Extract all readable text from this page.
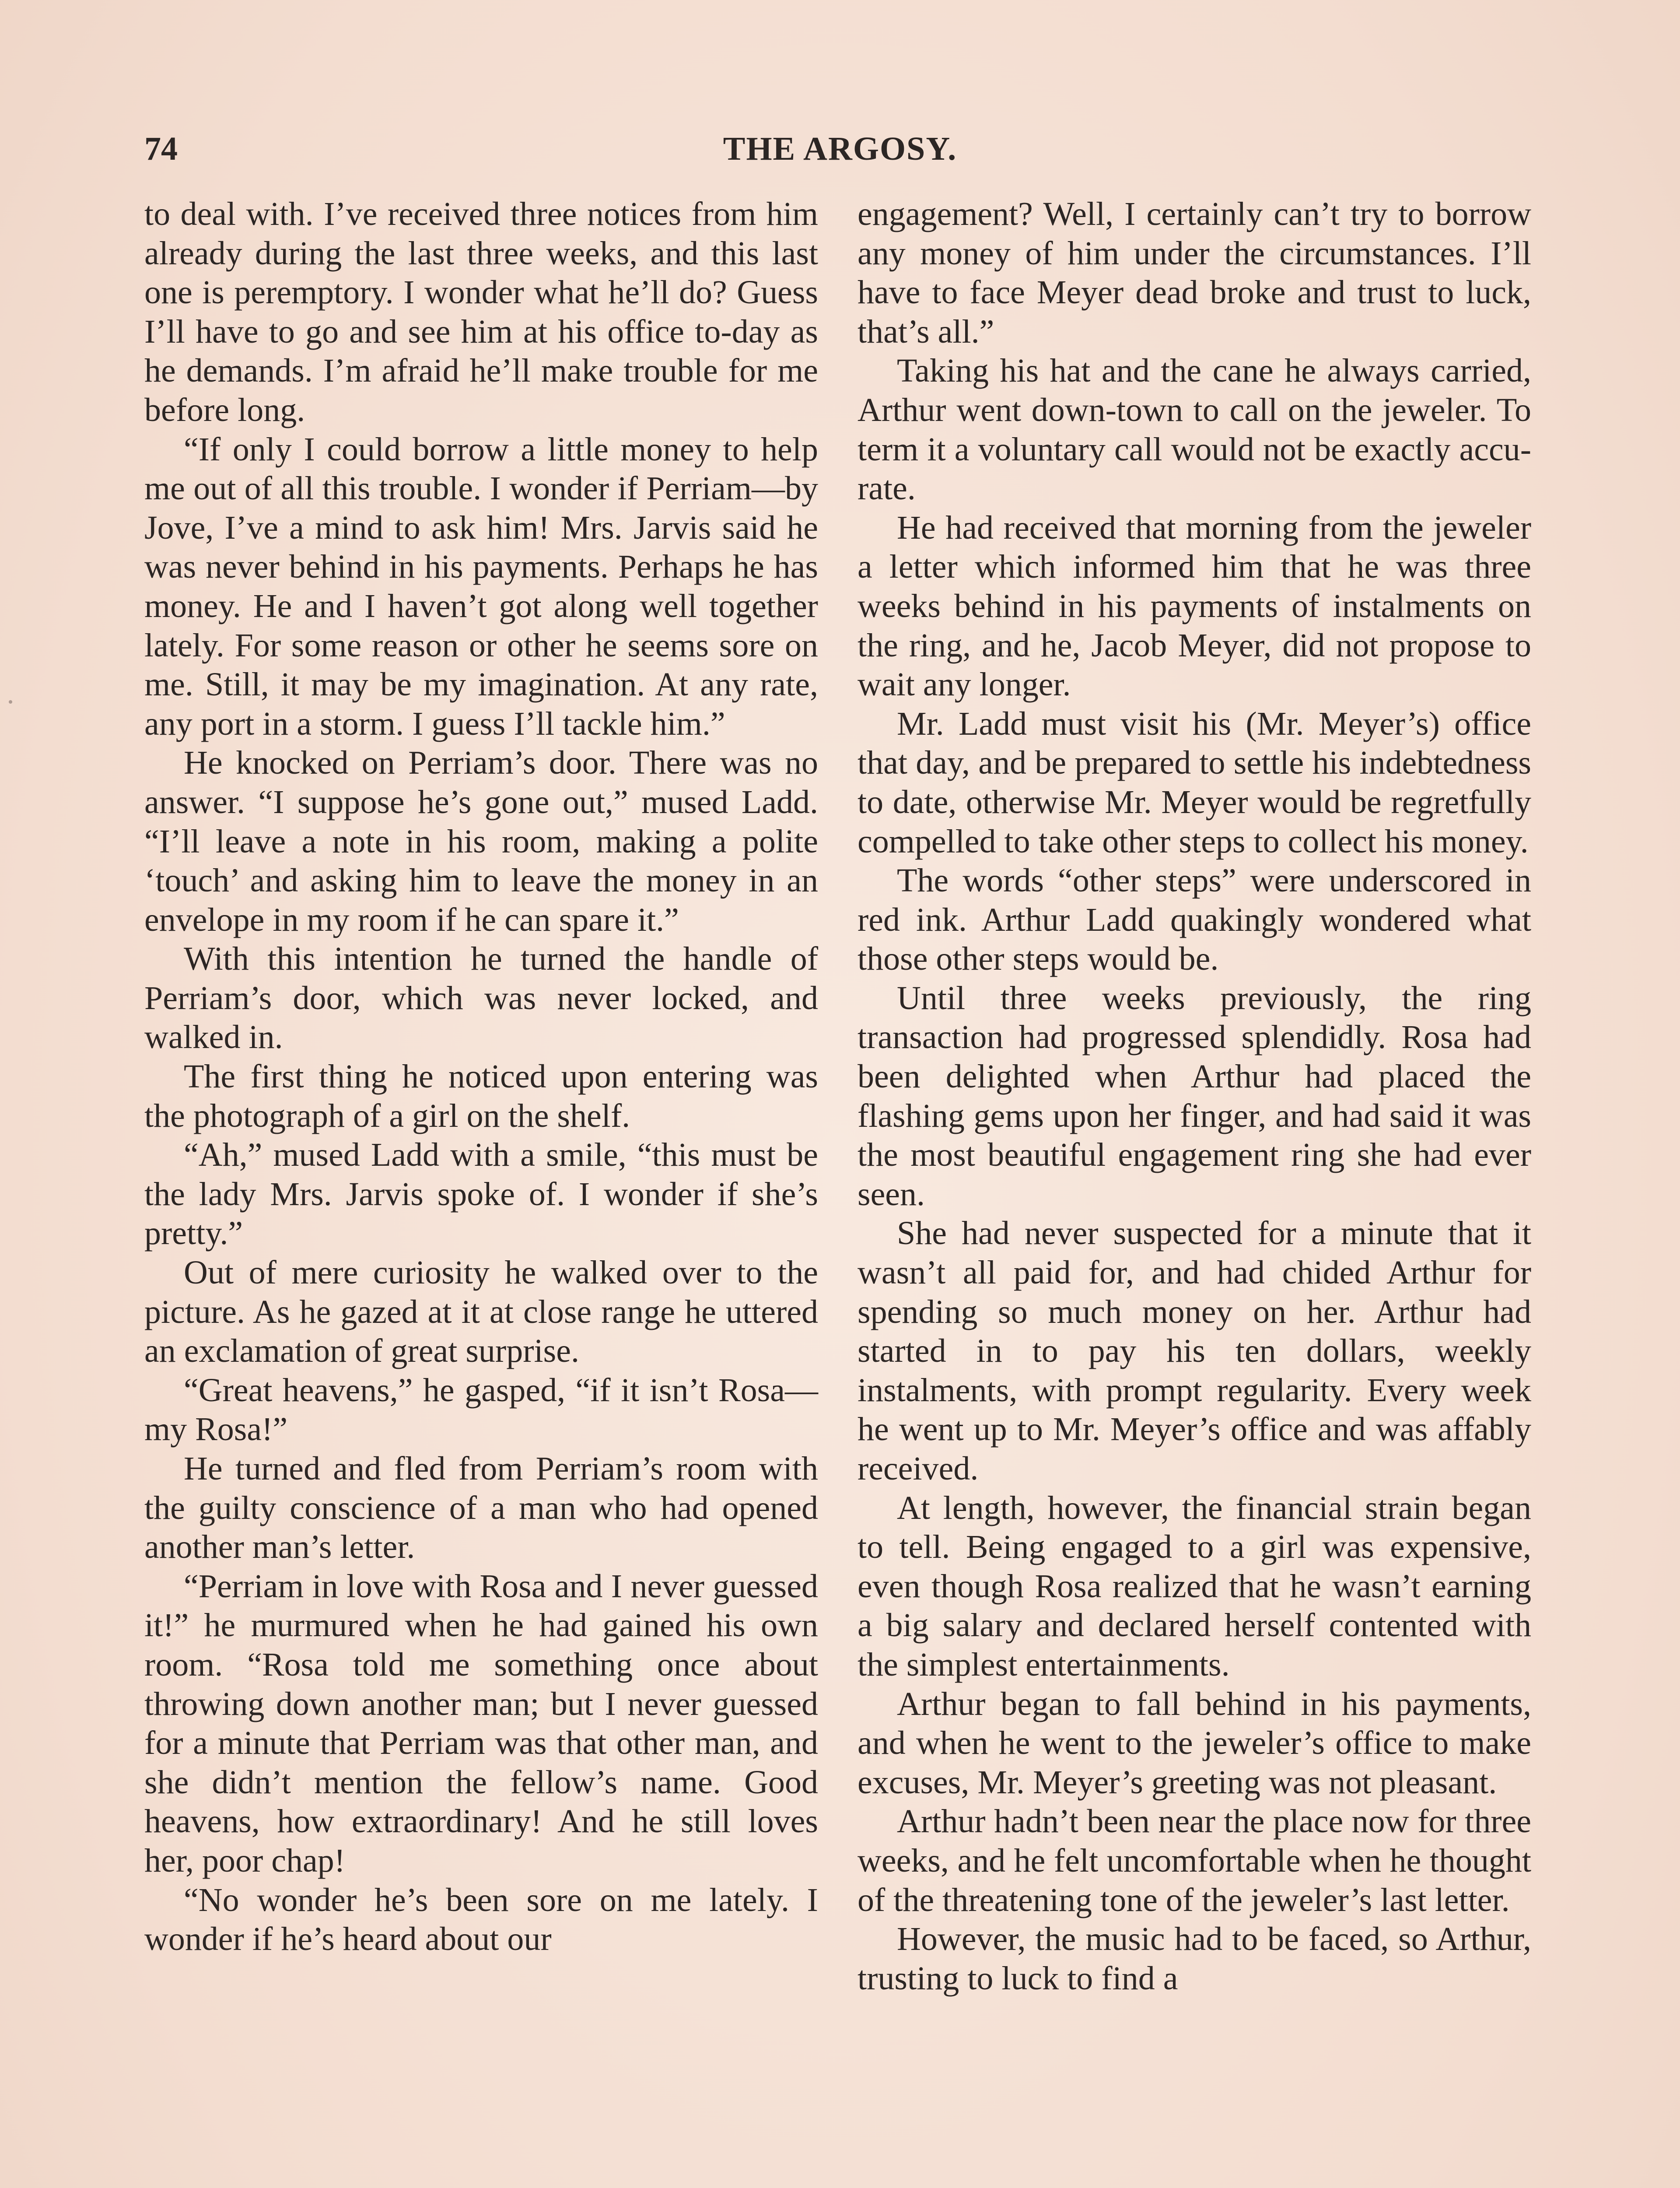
74	THE ARGOSY.

to deal with. I’ve received three notices from him already during the last three weeks, and this last one is peremptory. I wonder what he’ll do? Guess I’ll have to go and see him at his office to-day as he demands. I’m afraid he’ll make trouble for me before long.

“If only I could borrow a little money to help me out of all this trouble. I wonder if Perriam—by Jove, I’ve a mind to ask him! Mrs. Jarvis said he was never behind in his payments. Perhaps he has money. He and I haven’t got along well together lately. For some reason or other he seems sore on me. Still, it may be my imagination. At any rate, any port in a storm. I guess I’ll tackle him.”

He knocked on Perriam’s door. There was no answer. “I suppose he’s gone out,” mused Ladd. “I’ll leave a note in his room, making a polite ‘touch’ and asking him to leave the money in an envelope in my room if he can spare it.”

With this intention he turned the handle of Perriam’s door, which was never locked, and walked in.

The first thing he noticed upon entering was the photograph of a girl on the shelf.

“Ah,” mused Ladd with a smile, “this must be the lady Mrs. Jarvis spoke of. I wonder if she’s pretty.”

Out of mere curiosity he walked over to the picture. As he gazed at it at close range he uttered an exclamation of great surprise.

“Great heavens,” he gasped, “if it isn’t Rosa—my Rosa!”

He turned and fled from Perriam’s room with the guilty conscience of a man who had opened another man’s letter.

“Perriam in love with Rosa and I never guessed it!” he murmured when he had gained his own room. “Rosa told me something once about throwing down another man; but I never guessed for a minute that Perriam was that other man, and she didn’t mention the fellow’s name. Good heavens, how extraordinary! And he still loves her, poor chap!

“No wonder he’s been sore on me lately. I wonder if he’s heard about our

engagement? Well, I certainly can’t try to borrow any money of him under the circumstances. I’ll have to face Meyer dead broke and trust to luck, that’s all.”

Taking his hat and the cane he always carried, Arthur went down-town to call on the jeweler. To term it a voluntary call would not be exactly accurate.

He had received that morning from the jeweler a letter which informed him that he was three weeks behind in his payments of instalments on the ring, and he, Jacob Meyer, did not propose to wait any longer.

Mr. Ladd must visit his (Mr. Meyer’s) office that day, and be prepared to settle his indebtedness to date, otherwise Mr. Meyer would be regretfully compelled to take other steps to collect his money.

The words “other steps” were underscored in red ink. Arthur Ladd quakingly wondered what those other steps would be.

Until three weeks previously, the ring transaction had progressed splendidly. Rosa had been delighted when Arthur had placed the flashing gems upon her finger, and had said it was the most beautiful engagement ring she had ever seen.

She had never suspected for a minute that it wasn’t all paid for, and had chided Arthur for spending so much money on her. Arthur had started in to pay his ten dollars, weekly instalments, with prompt regularity. Every week he went up to Mr. Meyer’s office and was affably received.

At length, however, the financial strain began to tell. Being engaged to a girl was expensive, even though Rosa realized that he wasn’t earning a big salary and declared herself contented with the simplest entertainments.

Arthur began to fall behind in his payments, and when he went to the jeweler’s office to make excuses, Mr. Meyer’s greeting was not pleasant.

Arthur hadn’t been near the place now for three weeks, and he felt uncomfortable when he thought of the threatening tone of the jeweler’s last letter.

However, the music had to be faced, so Arthur, trusting to luck to find a
